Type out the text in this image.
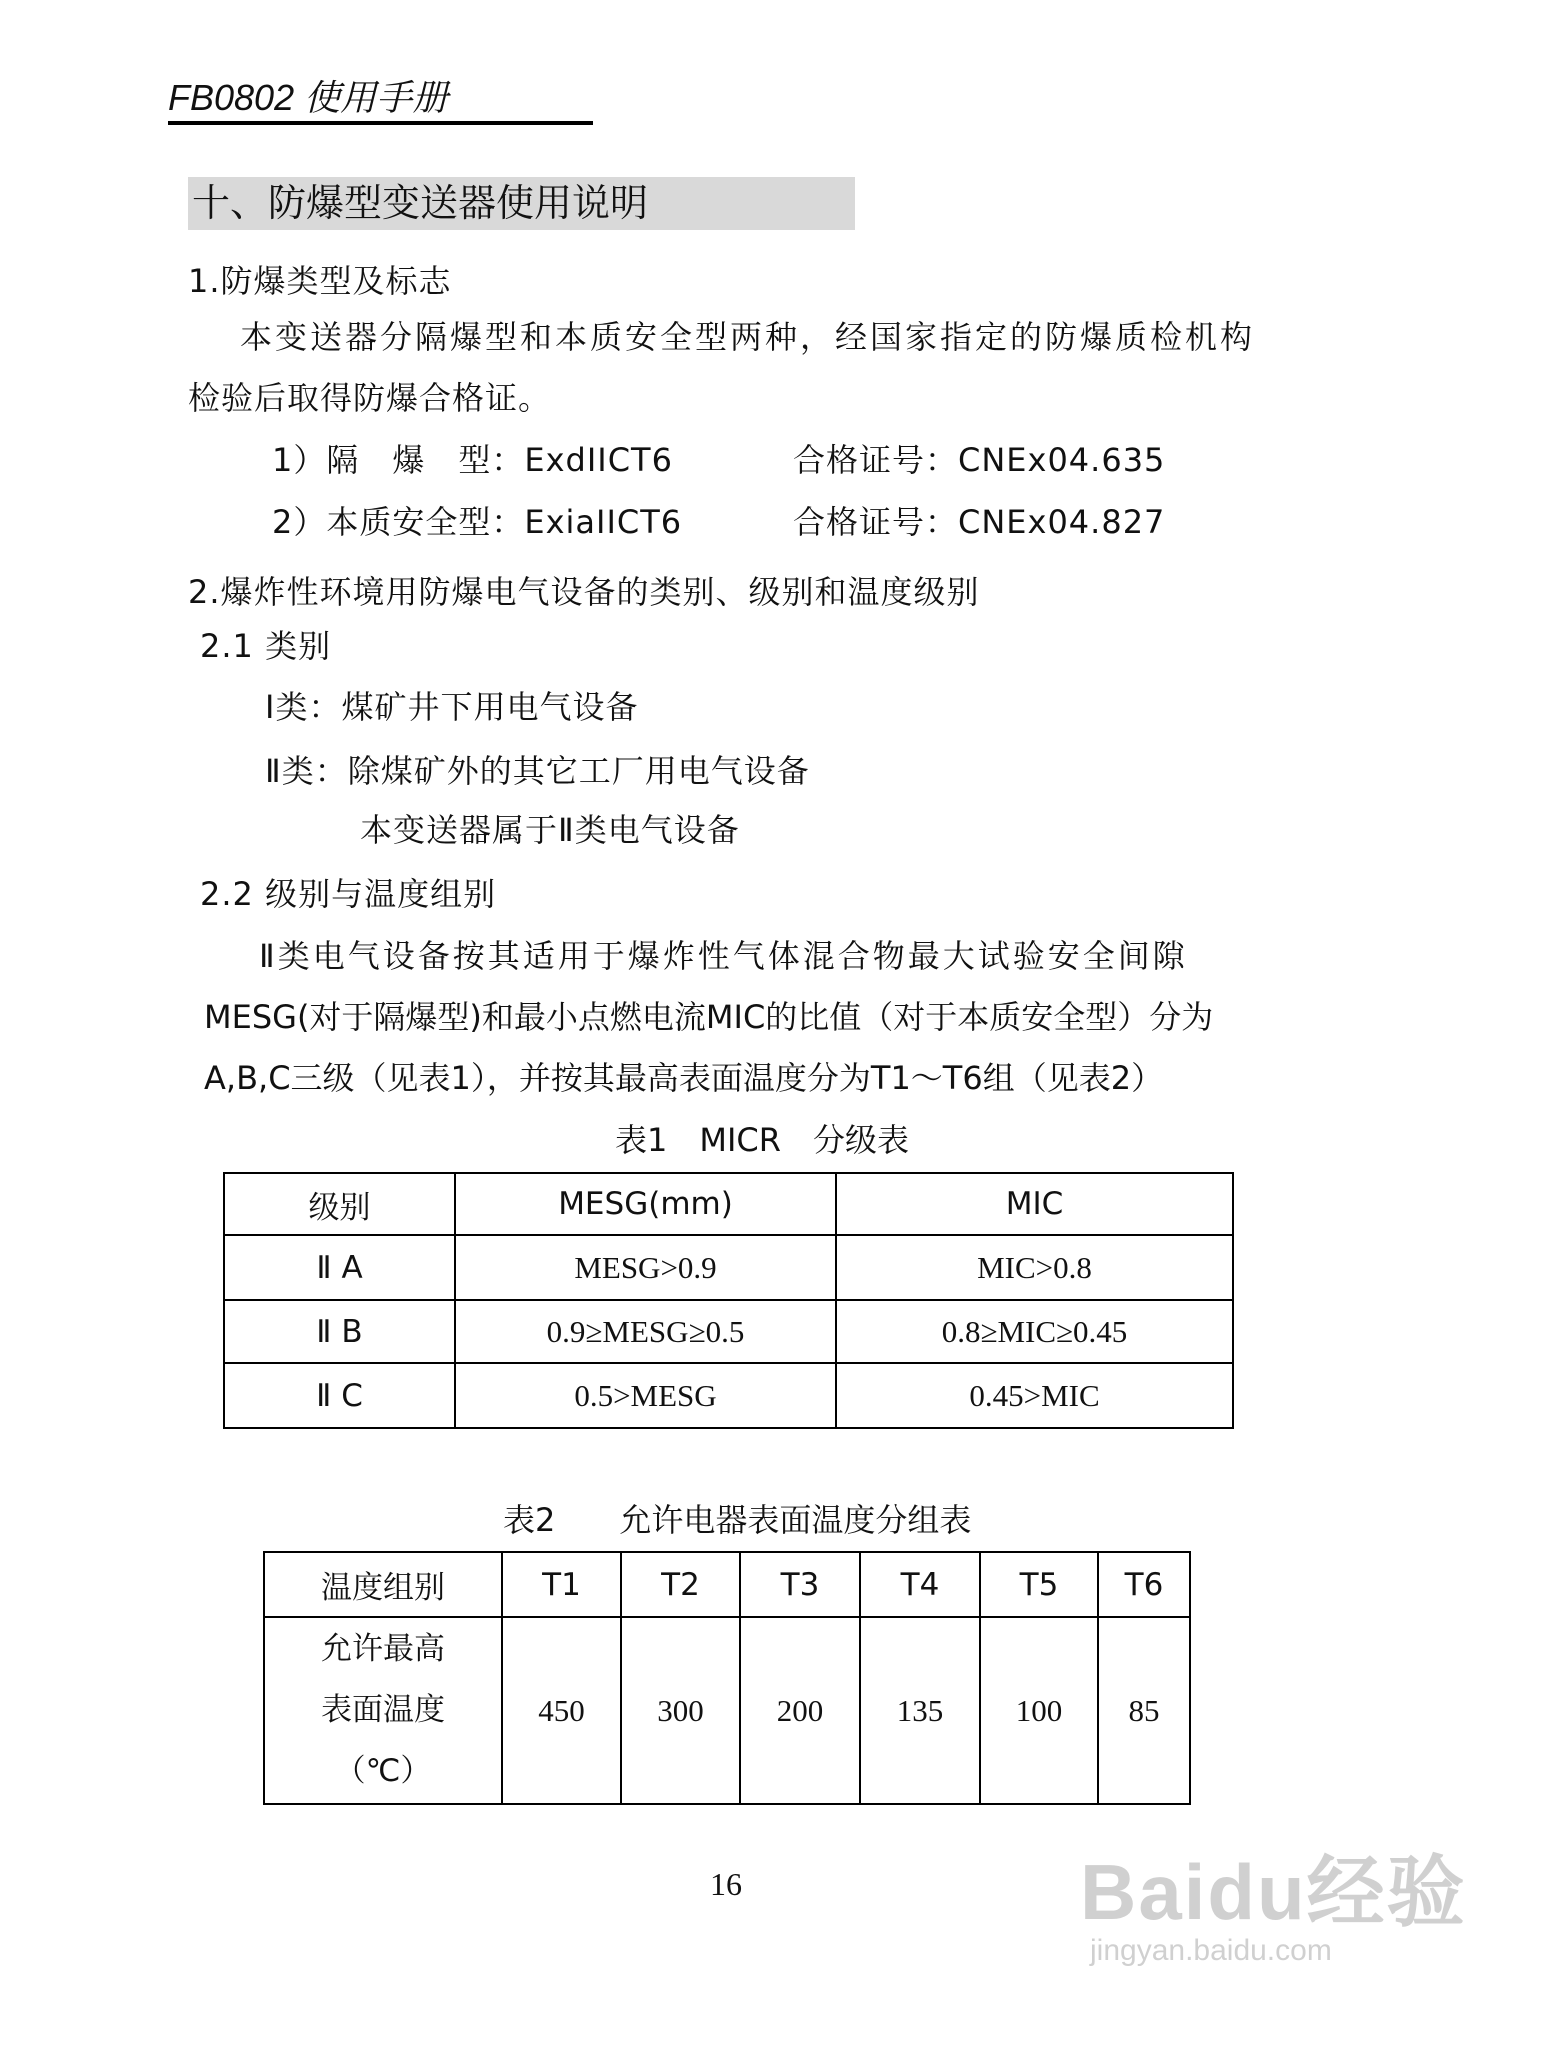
FB0802 使用手册
十、防爆型变送器使用说明
1.防爆类型及标志
本变送器分隔爆型和本质安全型两种，经国家指定的防爆质检机构
检验后取得防爆合格证。
1）隔　爆　型：ExdIICT6	合格证号：CNEx04.635
2）本质安全型：ExiaIICT6	合格证号：CNEx04.827
2.爆炸性环境用防爆电气设备的类别、级别和温度级别
2.1 类别
Ⅰ类：煤矿井下用电气设备
Ⅱ类：除煤矿外的其它工厂用电气设备
本变送器属于Ⅱ类电气设备
2.2 级别与温度组别
Ⅱ类电气设备按其适用于爆炸性气体混合物最大试验安全间隙
MESG(对于隔爆型)和最小点燃电流MIC的比值（对于本质安全型）分为
A,B,C三级（见表1），并按其最高表面温度分为T1～T6组（见表2）
表1　MICR　分级表
级别	MESG(mm)	MIC
Ⅱ A	MESG>0.9	MIC>0.8
Ⅱ B	0.9≥MESG≥0.5	0.8≥MIC≥0.45
Ⅱ C	0.5>MESG	0.45>MIC
表2　　允许电器表面温度分组表
温度组别	T1	T2	T3	T4	T5	T6

允许最高
表面温度
（℃）	450	300	200	135	100	85
16	Baidu经验
jingyan.baidu.com
